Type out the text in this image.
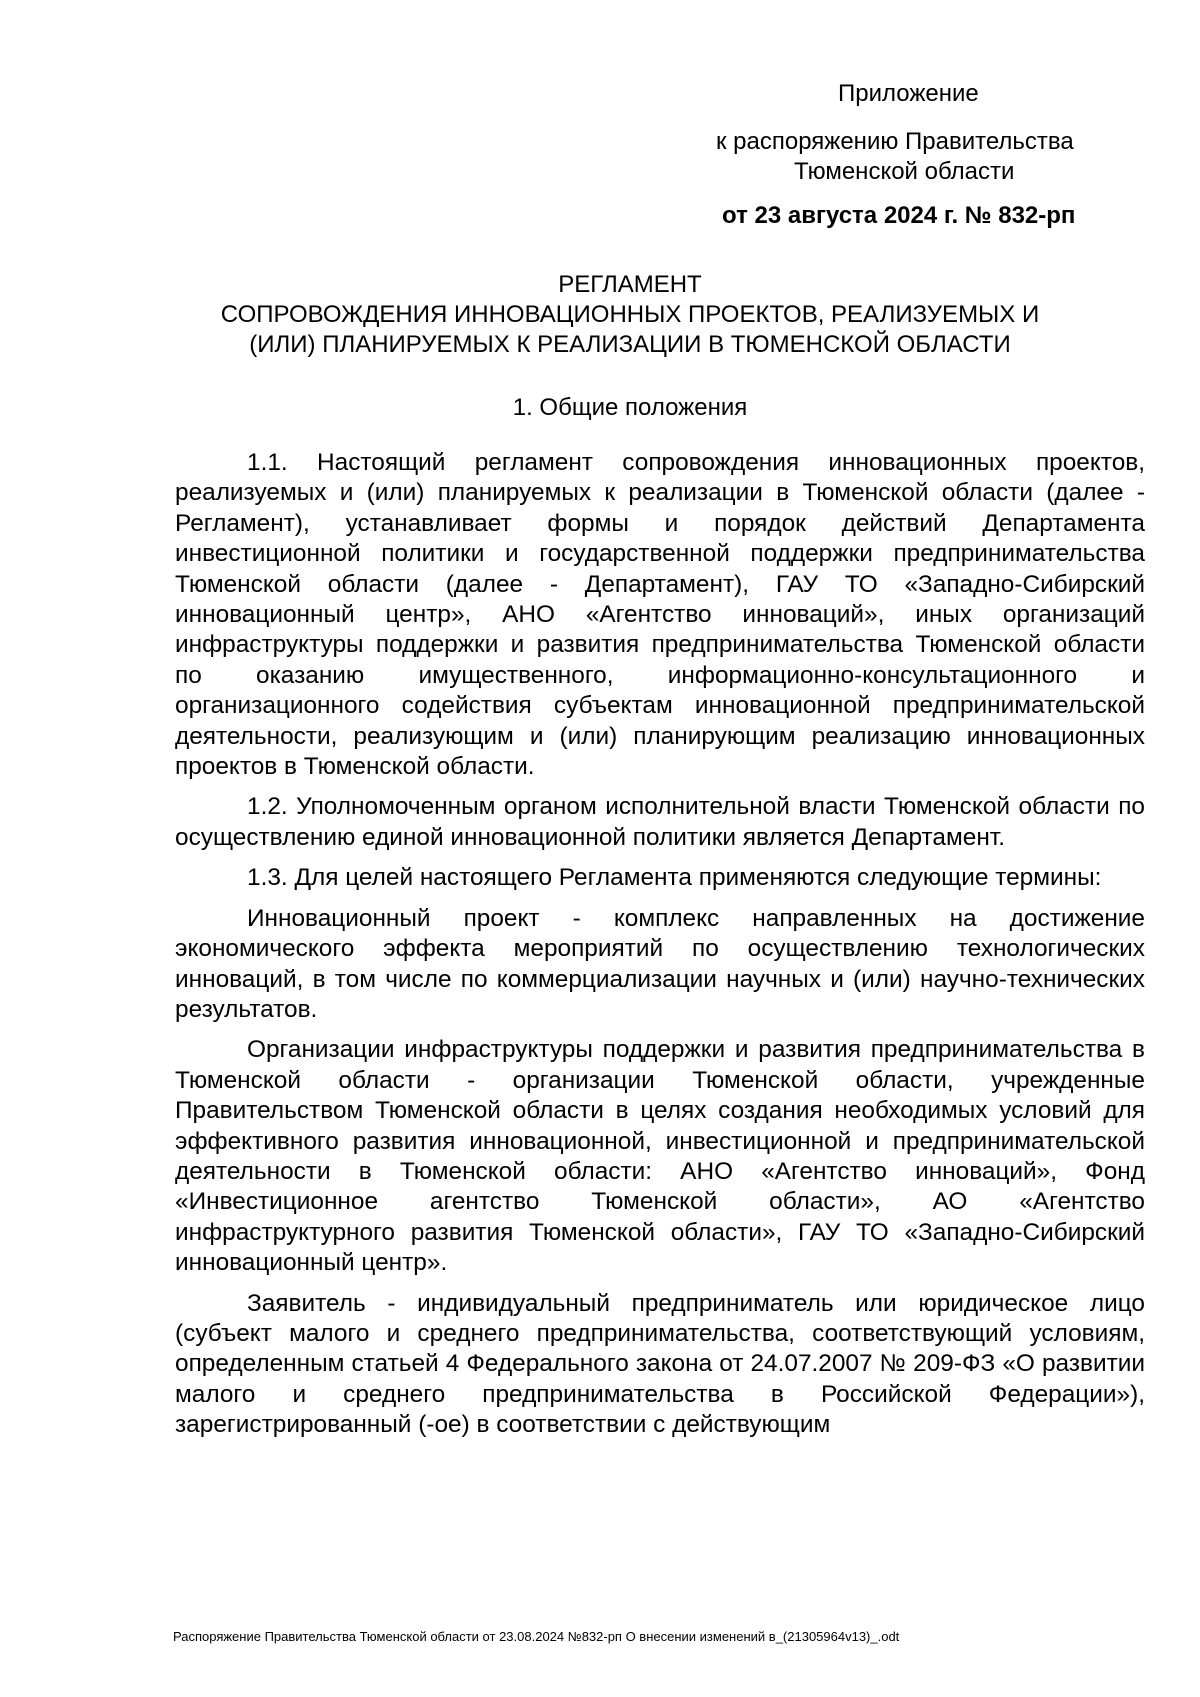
Приложение
к распоряжению Правительства
Тюменской области
от 23 августа 2024 г. № 832-рп
РЕГЛАМЕНТ
СОПРОВОЖДЕНИЯ ИННОВАЦИОННЫХ ПРОЕКТОВ, РЕАЛИЗУЕМЫХ И
(ИЛИ) ПЛАНИРУЕМЫХ К РЕАЛИЗАЦИИ В ТЮМЕНСКОЙ ОБЛАСТИ
1. Общие положения

1.1. Настоящий регламент сопровождения инновационных проектов, реализуемых и (или) планируемых к реализации в Тюменской области (далее - Регламент), устанавливает формы и порядок действий Департамента инвестиционной политики и государственной поддержки предпринимательства Тюменской области (далее - Департамент), ГАУ ТО «Западно-Сибирский инновационный центр», АНО «Агентство инноваций», иных организаций инфраструктуры поддержки и развития предпринимательства Тюменской области по оказанию имущественного, информационно-консультационного и организационного содействия субъектам инновационной предпринимательской деятельности, реализующим и (или) планирующим реализацию инновационных проектов в Тюменской области.

1.2. Уполномоченным органом исполнительной власти Тюменской области по осуществлению единой инновационной политики является Департамент.

1.3. Для целей настоящего Регламента применяются следующие термины:

Инновационный проект - комплекс направленных на достижение экономического эффекта мероприятий по осуществлению технологических инноваций, в том числе по коммерциализации научных и (или) научно-технических результатов.

Организации инфраструктуры поддержки и развития предпринимательства в Тюменской области - организации Тюменской области, учрежденные Правительством Тюменской области в целях создания необходимых условий для эффективного развития инновационной, инвестиционной и предпринимательской деятельности в Тюменской области: АНО «Агентство инноваций», Фонд «Инвестиционное агентство Тюменской области», АО «Агентство инфраструктурного развития Тюменской области», ГАУ ТО «Западно-Сибирский инновационный центр».

Заявитель - индивидуальный предприниматель или юридическое лицо (субъект малого и среднего предпринимательства, соответствующий условиям, определенным статьей 4 Федерального закона от 24.07.2007 № 209-ФЗ «О развитии малого и среднего предпринимательства в Российской Федерации»), зарегистрированный (-ое) в соответствии с действующим

Распоряжение Правительства Тюменской области от 23.08.2024 №832-рп О внесении изменений в_(21305964v13)_.odt
